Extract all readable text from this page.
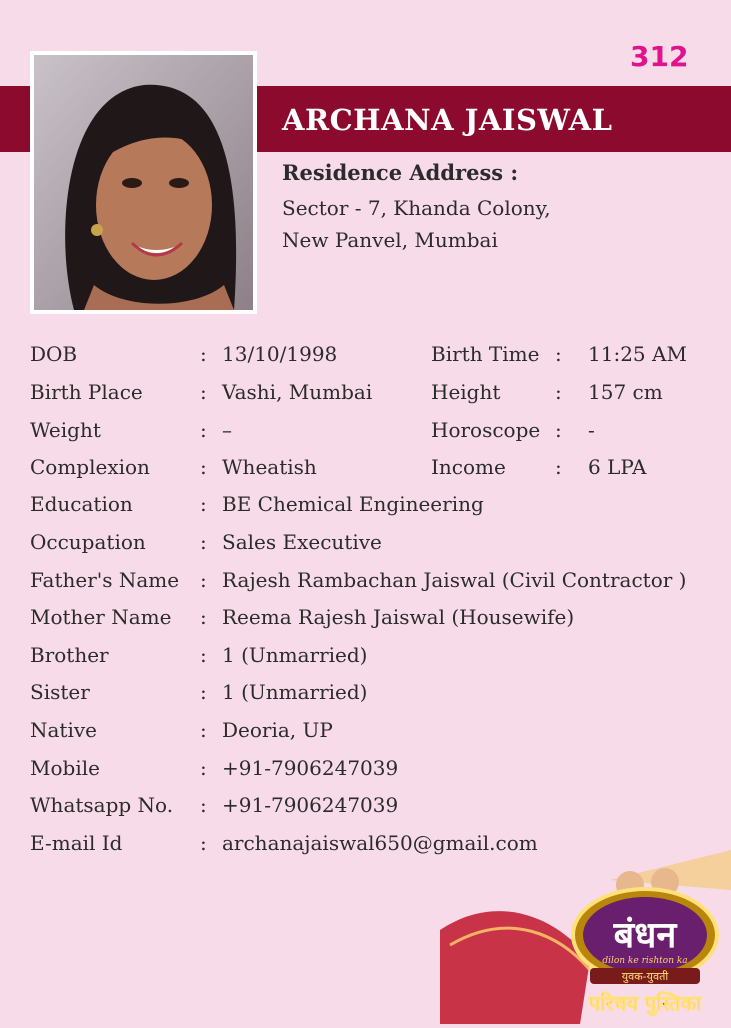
312
ARCHANA JAISWAL
Residence Address :
Sector - 7, Khanda Colony,
New Panvel, Mumbai
DOB	: 13/10/1998	Birth Time : 11:25 AM
Birth Place	: Vashi, Mumbai	Height	: 157 cm
Weight	: –	Horoscope : -
Complexion	: Wheatish	Income : 6 LPA
Education	: BE Chemical Engineering
Occupation	: Sales Executive
Father's Name : Rajesh Rambachan Jaiswal (Civil Contractor )
Mother Name : Reema Rajesh Jaiswal (Housewife)
Brother	: 1 (Unmarried)
Sister	: 1 (Unmarried)
Native	: Deoria, UP
Mobile	: +91-7906247039
Whatsapp No. : +91-7906247039
E-mail Id	: archanajaiswal650@gmail.com
बंधन
dilon ke rishton ka
युवक-युवती
परिचय पुस्तिका
